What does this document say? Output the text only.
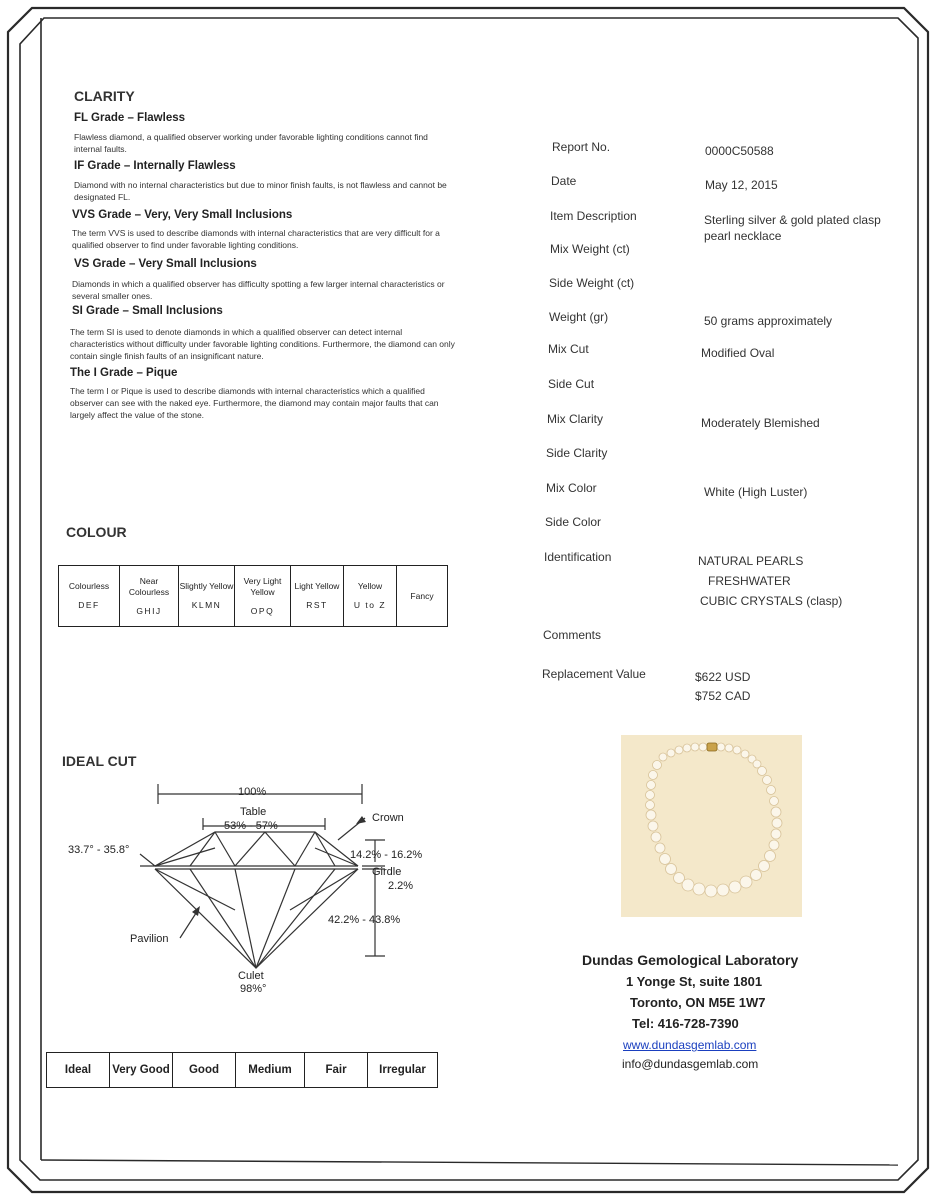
CLARITY
FL Grade – Flawless
Flawless diamond, a qualified observer working under favorable lighting conditions cannot find internal faults.
IF Grade – Internally Flawless
Diamond with no internal characteristics but due to minor finish faults, is not flawless and cannot be designated FL.
VVS Grade – Very, Very Small Inclusions
The term VVS is used to describe diamonds with internal characteristics that are very difficult for a qualified observer to find under favorable lighting conditions.
VS Grade – Very Small Inclusions
Diamonds in which a qualified observer has difficulty spotting a few larger internal characteristics or several smaller ones.
SI Grade – Small Inclusions
The term SI is used to denote diamonds in which a qualified observer can detect internal characteristics without difficulty under favorable lighting conditions. Furthermore, the diamond can only contain single finish faults of an insignificant nature.
The I Grade – Pique
The term I or Pique is used to describe diamonds with internal characteristics which a qualified observer can see with the naked eye. Furthermore, the diamond may contain major faults that can largely affect the value of the stone.
COLOUR
Colourless
DEF

Near Colourless
GHIJ

Slightly Yellow
KLMN

Very Light Yellow
OPQ

Light Yellow
RST

Yellow
U to Z

Fancy
IDEAL CUT
100%
Table
53% - 57%
Crown
33.7° - 35.8°	14.2% - 16.2%
Girdle
2.2%
42.2% - 43.8%
Pavilion
Culet
98%°
Ideal	Very Good	Good	Medium	Fair	Irregular
Report No.	0000C50588
Date	May 12, 2015
Item Description	Sterling silver & gold plated clasp pearl necklace
Mix Weight (ct)
Side Weight (ct)
Weight (gr)	50 grams approximately
Mix Cut	Modified Oval
Side Cut
Mix Clarity	Moderately Blemished
Side Clarity
Mix Color	White (High Luster)
Side Color
Identification	NATURAL PEARLS
FRESHWATER
CUBIC CRYSTALS (clasp)
Comments
Replacement Value	$622 USD
$752 CAD
Dundas Gemological Laboratory
1 Yonge St, suite 1801
Toronto, ON M5E 1W7
Tel: 416-728-7390
www.dundasgemlab.com
info@dundasgemlab.com
